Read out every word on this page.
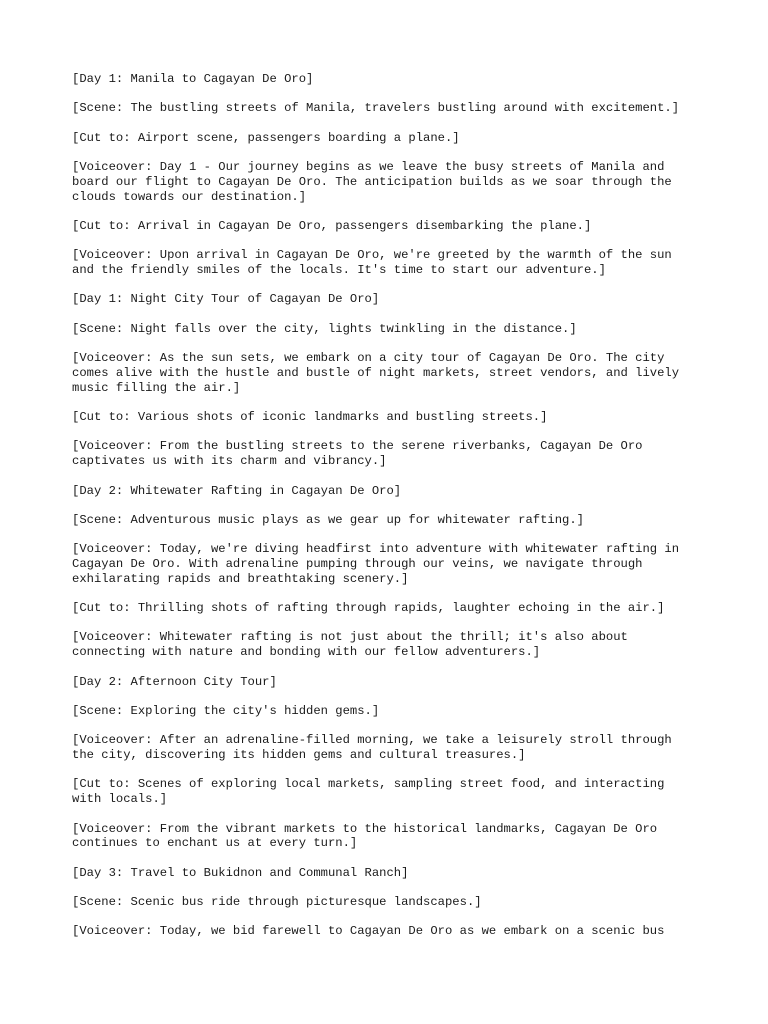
[Day 1: Manila to Cagayan De Oro]
[Scene: The bustling streets of Manila, travelers bustling around with excitement.]
[Cut to: Airport scene, passengers boarding a plane.]
[Voiceover: Day 1 - Our journey begins as we leave the busy streets of Manila and
board our flight to Cagayan De Oro. The anticipation builds as we soar through the
clouds towards our destination.]
[Cut to: Arrival in Cagayan De Oro, passengers disembarking the plane.]
[Voiceover: Upon arrival in Cagayan De Oro, we're greeted by the warmth of the sun
and the friendly smiles of the locals. It's time to start our adventure.]
[Day 1: Night City Tour of Cagayan De Oro]
[Scene: Night falls over the city, lights twinkling in the distance.]
[Voiceover: As the sun sets, we embark on a city tour of Cagayan De Oro. The city
comes alive with the hustle and bustle of night markets, street vendors, and lively
music filling the air.]
[Cut to: Various shots of iconic landmarks and bustling streets.]
[Voiceover: From the bustling streets to the serene riverbanks, Cagayan De Oro
captivates us with its charm and vibrancy.]
[Day 2: Whitewater Rafting in Cagayan De Oro]
[Scene: Adventurous music plays as we gear up for whitewater rafting.]
[Voiceover: Today, we're diving headfirst into adventure with whitewater rafting in
Cagayan De Oro. With adrenaline pumping through our veins, we navigate through
exhilarating rapids and breathtaking scenery.]
[Cut to: Thrilling shots of rafting through rapids, laughter echoing in the air.]
[Voiceover: Whitewater rafting is not just about the thrill; it's also about
connecting with nature and bonding with our fellow adventurers.]
[Day 2: Afternoon City Tour]
[Scene: Exploring the city's hidden gems.]
[Voiceover: After an adrenaline-filled morning, we take a leisurely stroll through
the city, discovering its hidden gems and cultural treasures.]
[Cut to: Scenes of exploring local markets, sampling street food, and interacting
with locals.]
[Voiceover: From the vibrant markets to the historical landmarks, Cagayan De Oro
continues to enchant us at every turn.]
[Day 3: Travel to Bukidnon and Communal Ranch]
[Scene: Scenic bus ride through picturesque landscapes.]
[Voiceover: Today, we bid farewell to Cagayan De Oro as we embark on a scenic bus
